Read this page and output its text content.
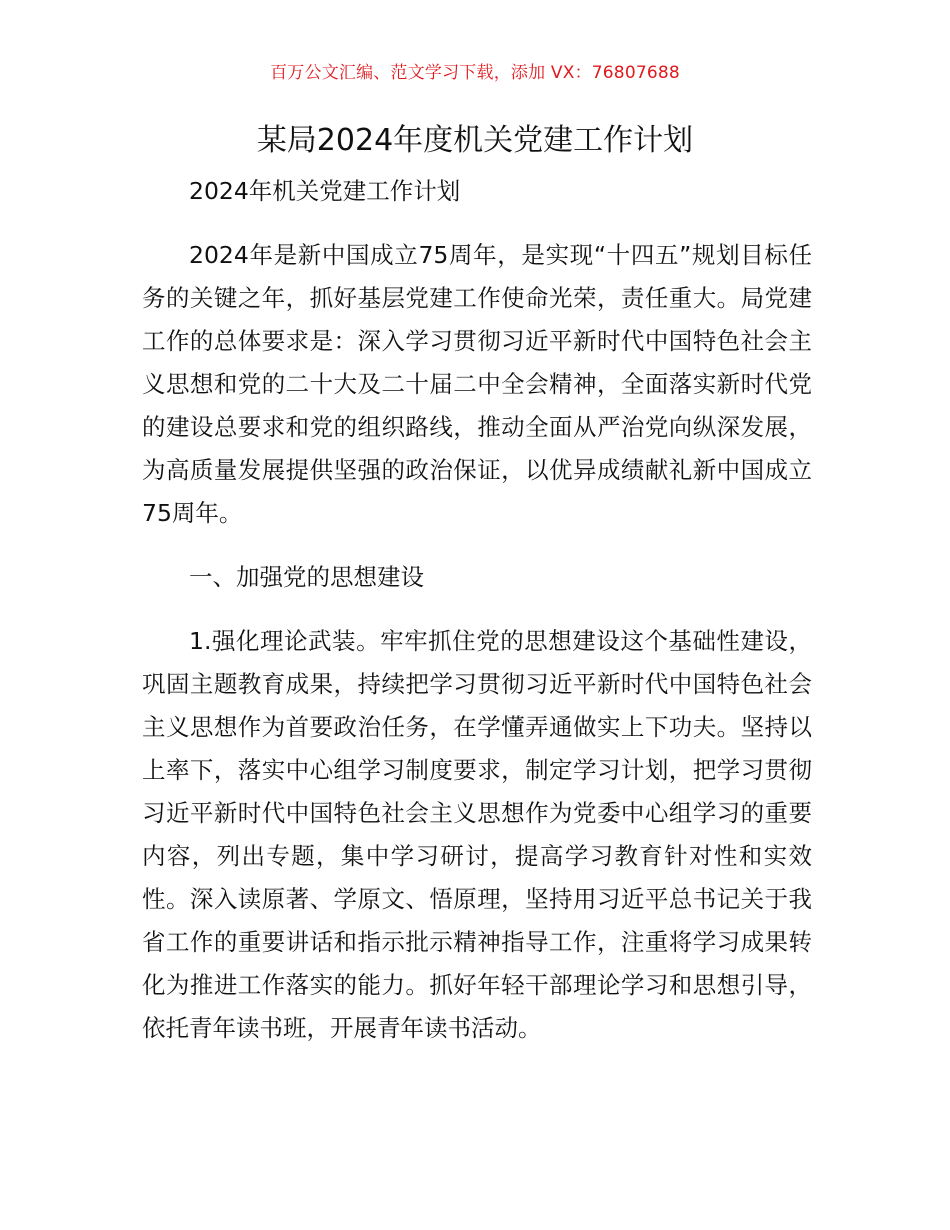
百万公文汇编、范文学习下载，添加 VX：76807688
某局2024年度机关党建工作计划

2024年机关党建工作计划

2024年是新中国成立75周年，是实现“十四五”规划目标任务的关键之年，抓好基层党建工作使命光荣，责任重大。局党建工作的总体要求是：深入学习贯彻习近平新时代中国特色社会主义思想和党的二十大及二十届二中全会精神，全面落实新时代党的建设总要求和党的组织路线，推动全面从严治党向纵深发展，为高质量发展提供坚强的政治保证，以优异成绩献礼新中国成立75周年。

一、加强党的思想建设

1.强化理论武装。牢牢抓住党的思想建设这个基础性建设，巩固主题教育成果，持续把学习贯彻习近平新时代中国特色社会主义思想作为首要政治任务，在学懂弄通做实上下功夫。坚持以上率下，落实中心组学习制度要求，制定学习计划，把学习贯彻习近平新时代中国特色社会主义思想作为党委中心组学习的重要内容，列出专题，集中学习研讨，提高学习教育针对性和实效性。深入读原著、学原文、悟原理，坚持用习近平总书记关于我省工作的重要讲话和指示批示精神指导工作，注重将学习成果转化为推进工作落实的能力。抓好年轻干部理论学习和思想引导，依托青年读书班，开展青年读书活动。
